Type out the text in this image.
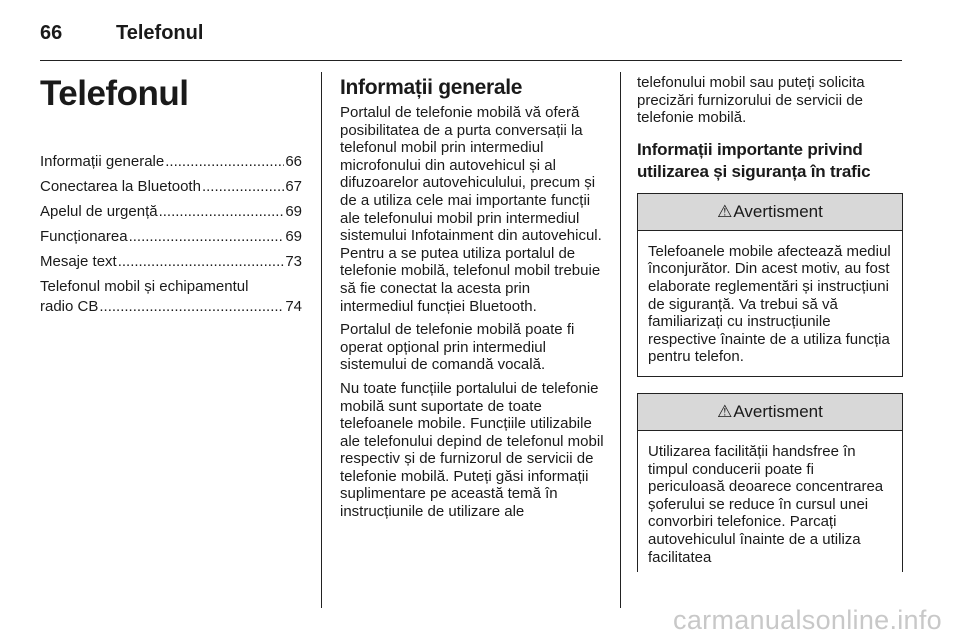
66	Telefonul
Telefonul
Informații generale .....	66
Conectarea la Bluetooth .....	67
Apelul de urgență .....	69
Funcționarea .....	69
Mesaje text .....	73
Telefonul mobil și echipamentul
radio CB .....	74
Informații generale

Portalul de telefonie mobilă vă oferă posibilitatea de a purta conversații la telefonul mobil prin intermediul microfonului din autovehicul și al difuzoarelor autovehiculului, precum și de a utiliza cele mai importante funcții ale telefonului mobil prin intermediul sistemului Infotainment din autovehicul. Pentru a se putea utiliza portalul de telefonie mobilă, telefonul mobil trebuie să fie conectat la acesta prin intermediul funcției Bluetooth.

Portalul de telefonie mobilă poate fi operat opțional prin intermediul sistemului de comandă vocală.

Nu toate funcțiile portalului de telefonie mobilă sunt suportate de toate telefoanele mobile. Funcțiile utilizabile ale telefonului depind de telefonul mobil respectiv și de furnizorul de servicii de telefonie mobilă. Puteți găsi informații suplimentare pe această temă în instrucțiunile de utilizare ale

telefonului mobil sau puteți solicita precizări furnizorului de servicii de telefonie mobilă.

Informații importante privind utilizarea și siguranța în trafic
⚠ Avertisment

Telefoanele mobile afectează mediul înconjurător. Din acest motiv, au fost elaborate reglementări și instrucțiuni de siguranță. Va trebui să vă familiarizați cu instrucțiunile respective înainte de a utiliza funcția pentru telefon.

⚠ Avertisment

Utilizarea facilității handsfree în timpul conducerii poate fi periculoasă deoarece concentrarea șoferului se reduce în cursul unei convorbiri telefonice. Parcați autovehiculul înainte de a utiliza facilitatea

carmanualsonline.info
